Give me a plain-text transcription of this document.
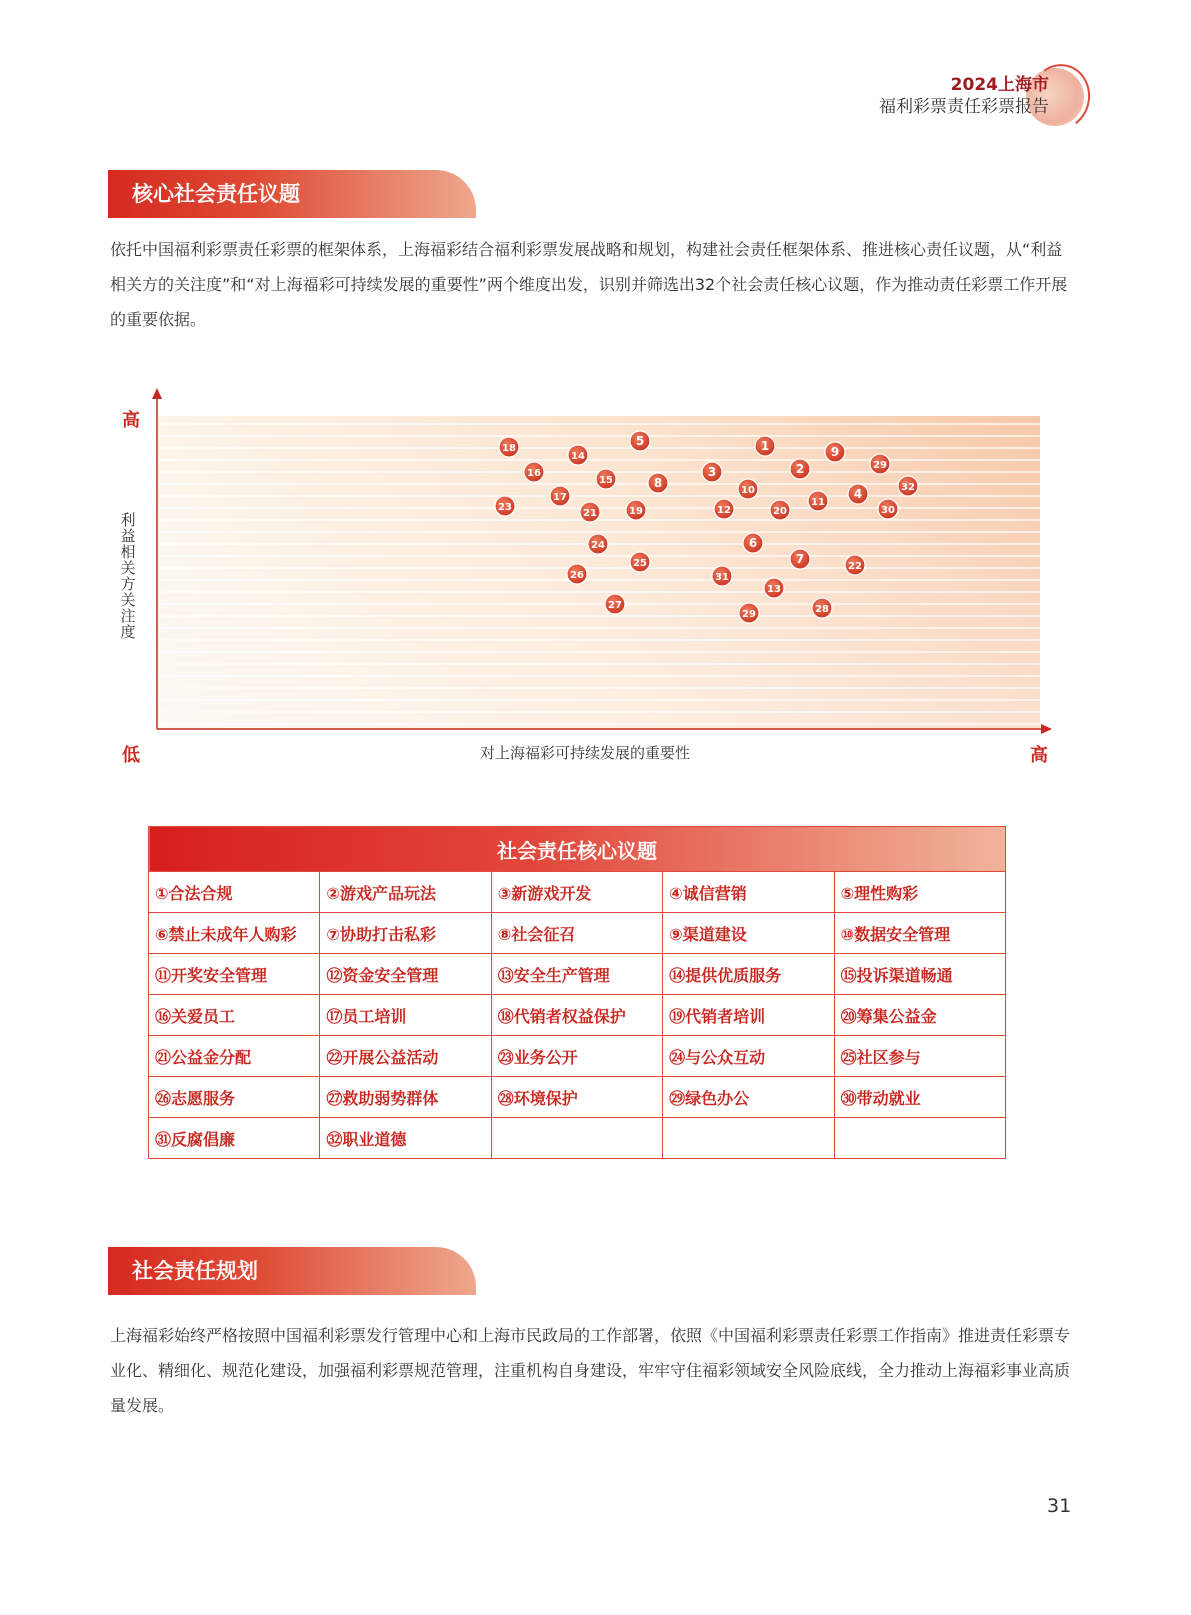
2024上海市
福利彩票责任彩票报告
核心社会责任议题
依托中国福利彩票责任彩票的框架体系，上海福彩结合福利彩票发展战略和规划，构建社会责任框架体系、推进核心责任议题，从“利益相关方的关注度”和“对上海福彩可持续发展的重要性”两个维度出发，识别并筛选出32个社会责任核心议题，作为推动责任彩票工作开展的重要依据。
18
14
5	1	9
29
16
15	8
3	2
32
10
17	4
11
23
21	19	12	20	30
24	6
7
22
25
26	31
13
27	28
29
高
利益相关方关注度
低	对上海福彩可持续发展的重要性	高
社会责任核心议题				
①合法合规	②游戏产品玩法	③新游戏开发	④诚信营销	⑤理性购彩
⑥禁止未成年人购彩	⑦协助打击私彩	⑧社会征召	⑨渠道建设	⑩数据安全管理
⑪开奖安全管理	⑫资金安全管理	⑬安全生产管理	⑭提供优质服务	⑮投诉渠道畅通
⑯关爱员工	⑰员工培训	⑱代销者权益保护	⑲代销者培训	⑳筹集公益金
㉑公益金分配	㉒开展公益活动	㉓业务公开	㉔与公众互动	㉕社区参与
㉖志愿服务	㉗救助弱势群体	㉘环境保护	㉙绿色办公	㉚带动就业
㉛反腐倡廉	㉜职业道德			
社会责任规划
上海福彩始终严格按照中国福利彩票发行管理中心和上海市民政局的工作部署，依照《中国福利彩票责任彩票工作指南》推进责任彩票专业化、精细化、规范化建设，加强福利彩票规范管理，注重机构自身建设，牢牢守住福彩领域安全风险底线，全力推动上海福彩事业高质量发展。
31
